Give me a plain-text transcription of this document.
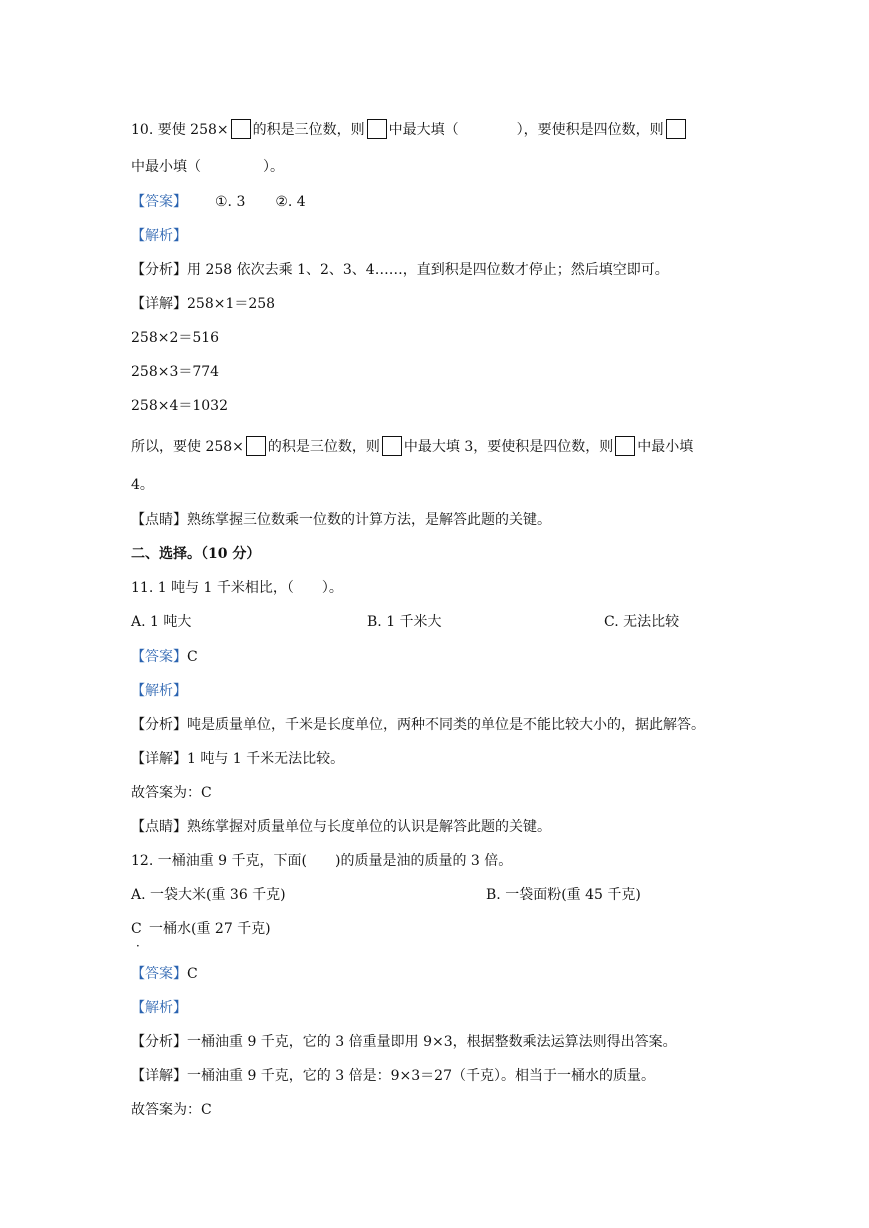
10. 要使 258× 的积是三位数，则 中最大填（	），要使积是四位数，则
中最小填（	）。
【答案】 ①. 3 ②. 4
【解析】
【分析】用 258 依次去乘 1、2、3、4……，直到积是四位数才停止；然后填空即可。
【详解】258×1＝258
258×2＝516
258×3＝774
258×4＝1032
所以，要使 258× 的积是三位数，则 中最大填 3，要使积是四位数，则 中最小填
4。
【点睛】熟练掌握三位数乘一位数的计算方法，是解答此题的关键。
二、选择。（10 分）
11. 1 吨与 1 千米相比，（　　）。
A. 1 吨大	B. 1 千米大	C. 无法比较
【答案】C
【解析】
【分析】吨是质量单位，千米是长度单位，两种不同类的单位是不能比较大小的，据此解答。
【详解】1 吨与 1 千米无法比较。
故答案为：C
【点睛】熟练掌握对质量单位与长度单位的认识是解答此题的关键。
12. 一桶油重 9 千克，下面(　　)的质量是油的质量的 3 倍。
A. 一袋大米(重 36 千克)	B. 一袋面粉(重 45 千克)
C
．
一桶水(重 27 千克)
【答案】C
【解析】
【分析】一桶油重 9 千克，它的 3 倍重量即用 9×3，根据整数乘法运算法则得出答案。
【详解】一桶油重 9 千克，它的 3 倍是：9×3＝27（千克）。相当于一桶水的质量。
故答案为：C
